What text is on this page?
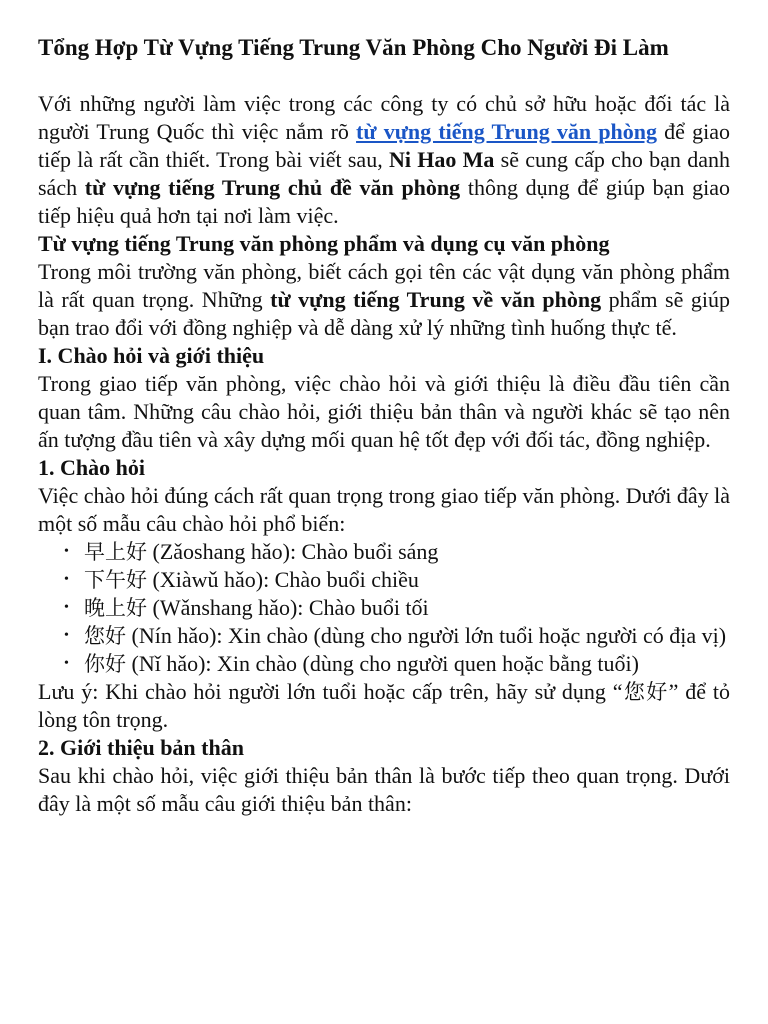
Tổng Hợp Từ Vựng Tiếng Trung Văn Phòng Cho Người Đi Làm

Với những người làm việc trong các công ty có chủ sở hữu hoặc đối tác là người Trung Quốc thì việc nắm rõ từ vựng tiếng Trung văn phòng để giao tiếp là rất cần thiết. Trong bài viết sau, Ni Hao Ma sẽ cung cấp cho bạn danh sách từ vựng tiếng Trung chủ đề văn phòng thông dụng để giúp bạn giao tiếp hiệu quả hơn tại nơi làm việc.

Từ vựng tiếng Trung văn phòng phẩm và dụng cụ văn phòng

Trong môi trường văn phòng, biết cách gọi tên các vật dụng văn phòng phẩm là rất quan trọng. Những từ vựng tiếng Trung về văn phòng phẩm sẽ giúp bạn trao đổi với đồng nghiệp và dễ dàng xử lý những tình huống thực tế.

I. Chào hỏi và giới thiệu

Trong giao tiếp văn phòng, việc chào hỏi và giới thiệu là điều đầu tiên cần quan tâm. Những câu chào hỏi, giới thiệu bản thân và người khác sẽ tạo nên ấn tượng đầu tiên và xây dựng mối quan hệ tốt đẹp với đối tác, đồng nghiệp.

1. Chào hỏi

Việc chào hỏi đúng cách rất quan trọng trong giao tiếp văn phòng. Dưới đây là một số mẫu câu chào hỏi phổ biến:

• 早上好 (Zǎoshang hǎo): Chào buổi sáng
• 下午好 (Xiàwǔ hǎo): Chào buổi chiều
• 晚上好 (Wǎnshang hǎo): Chào buổi tối
• 您好 (Nín hǎo): Xin chào (dùng cho người lớn tuổi hoặc người có địa vị)
• 你好 (Nǐ hǎo): Xin chào (dùng cho người quen hoặc bằng tuổi)

Lưu ý: Khi chào hỏi người lớn tuổi hoặc cấp trên, hãy sử dụng “您好” để tỏ lòng tôn trọng.

2. Giới thiệu bản thân

Sau khi chào hỏi, việc giới thiệu bản thân là bước tiếp theo quan trọng. Dưới đây là một số mẫu câu giới thiệu bản thân:
